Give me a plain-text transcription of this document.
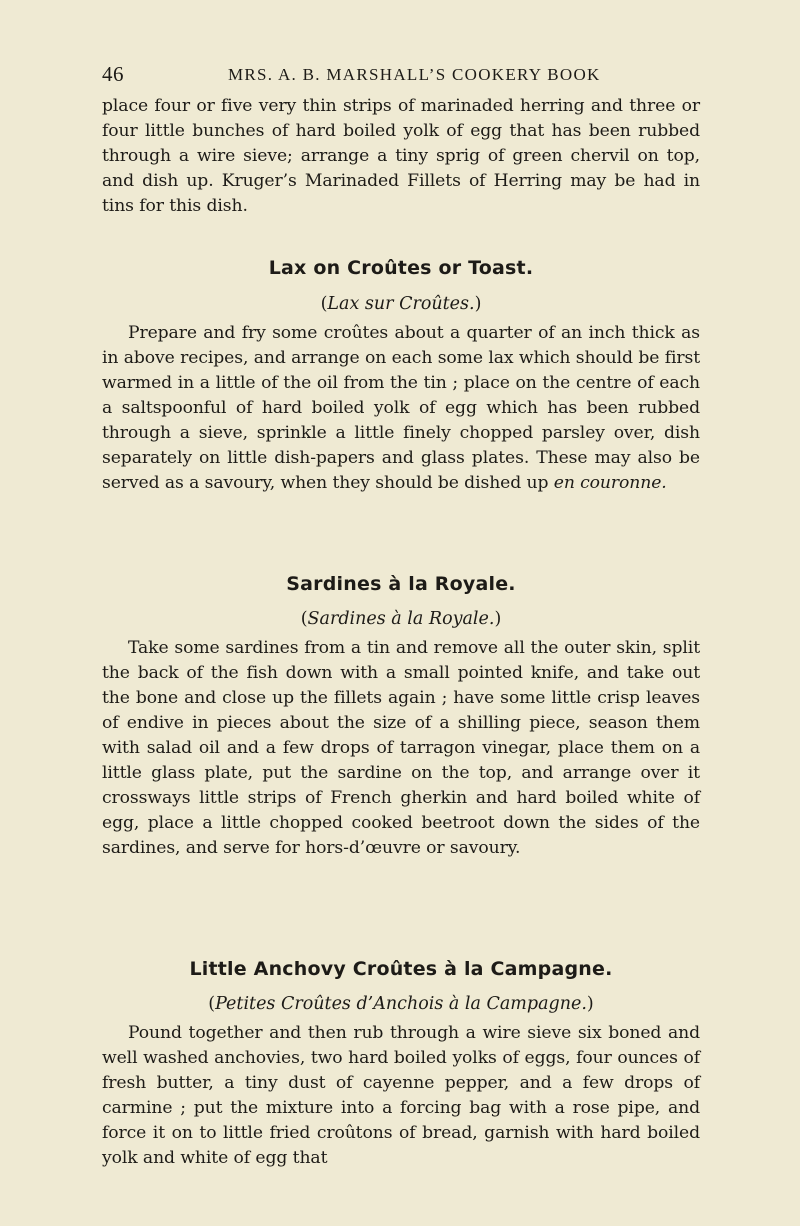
46	MRS. A. B. MARSHALL’S COOKERY BOOK

place four or five very thin strips of marinaded herring and three or four little bunches of hard boiled yolk of egg that has been rubbed through a wire sieve; arrange a tiny sprig of green chervil on top, and dish up. Kruger’s Marinaded Fillets of Herring may be had in tins for this dish.

Lax on Croûtes or Toast.
(Lax sur Croûtes.)

Prepare and fry some croûtes about a quarter of an inch thick as in above recipes, and arrange on each some lax which should be first warmed in a little of the oil from the tin ; place on the centre of each a saltspoonful of hard boiled yolk of egg which has been rubbed through a sieve, sprinkle a little finely chopped parsley over, dish separately on little dish-papers and glass plates. These may also be served as a savoury, when they should be dished up en couronne.

Sardines à la Royale.
(Sardines à la Royale.)

Take some sardines from a tin and remove all the outer skin, split the back of the fish down with a small pointed knife, and take out the bone and close up the fillets again ; have some little crisp leaves of endive in pieces about the size of a shilling piece, season them with salad oil and a few drops of tarragon vinegar, place them on a little glass plate, put the sardine on the top, and arrange over it crossways little strips of French gherkin and hard boiled white of egg, place a little chopped cooked beetroot down the sides of the sardines, and serve for hors-d’œuvre or savoury.

Little Anchovy Croûtes à la Campagne.
(Petites Croûtes d’Anchois à la Campagne.)

Pound together and then rub through a wire sieve six boned and well washed anchovies, two hard boiled yolks of eggs, four ounces of fresh butter, a tiny dust of cayenne pepper, and a few drops of carmine ; put the mixture into a forcing bag with a rose pipe, and force it on to little fried croûtons of bread, garnish with hard boiled yolk and white of egg that
